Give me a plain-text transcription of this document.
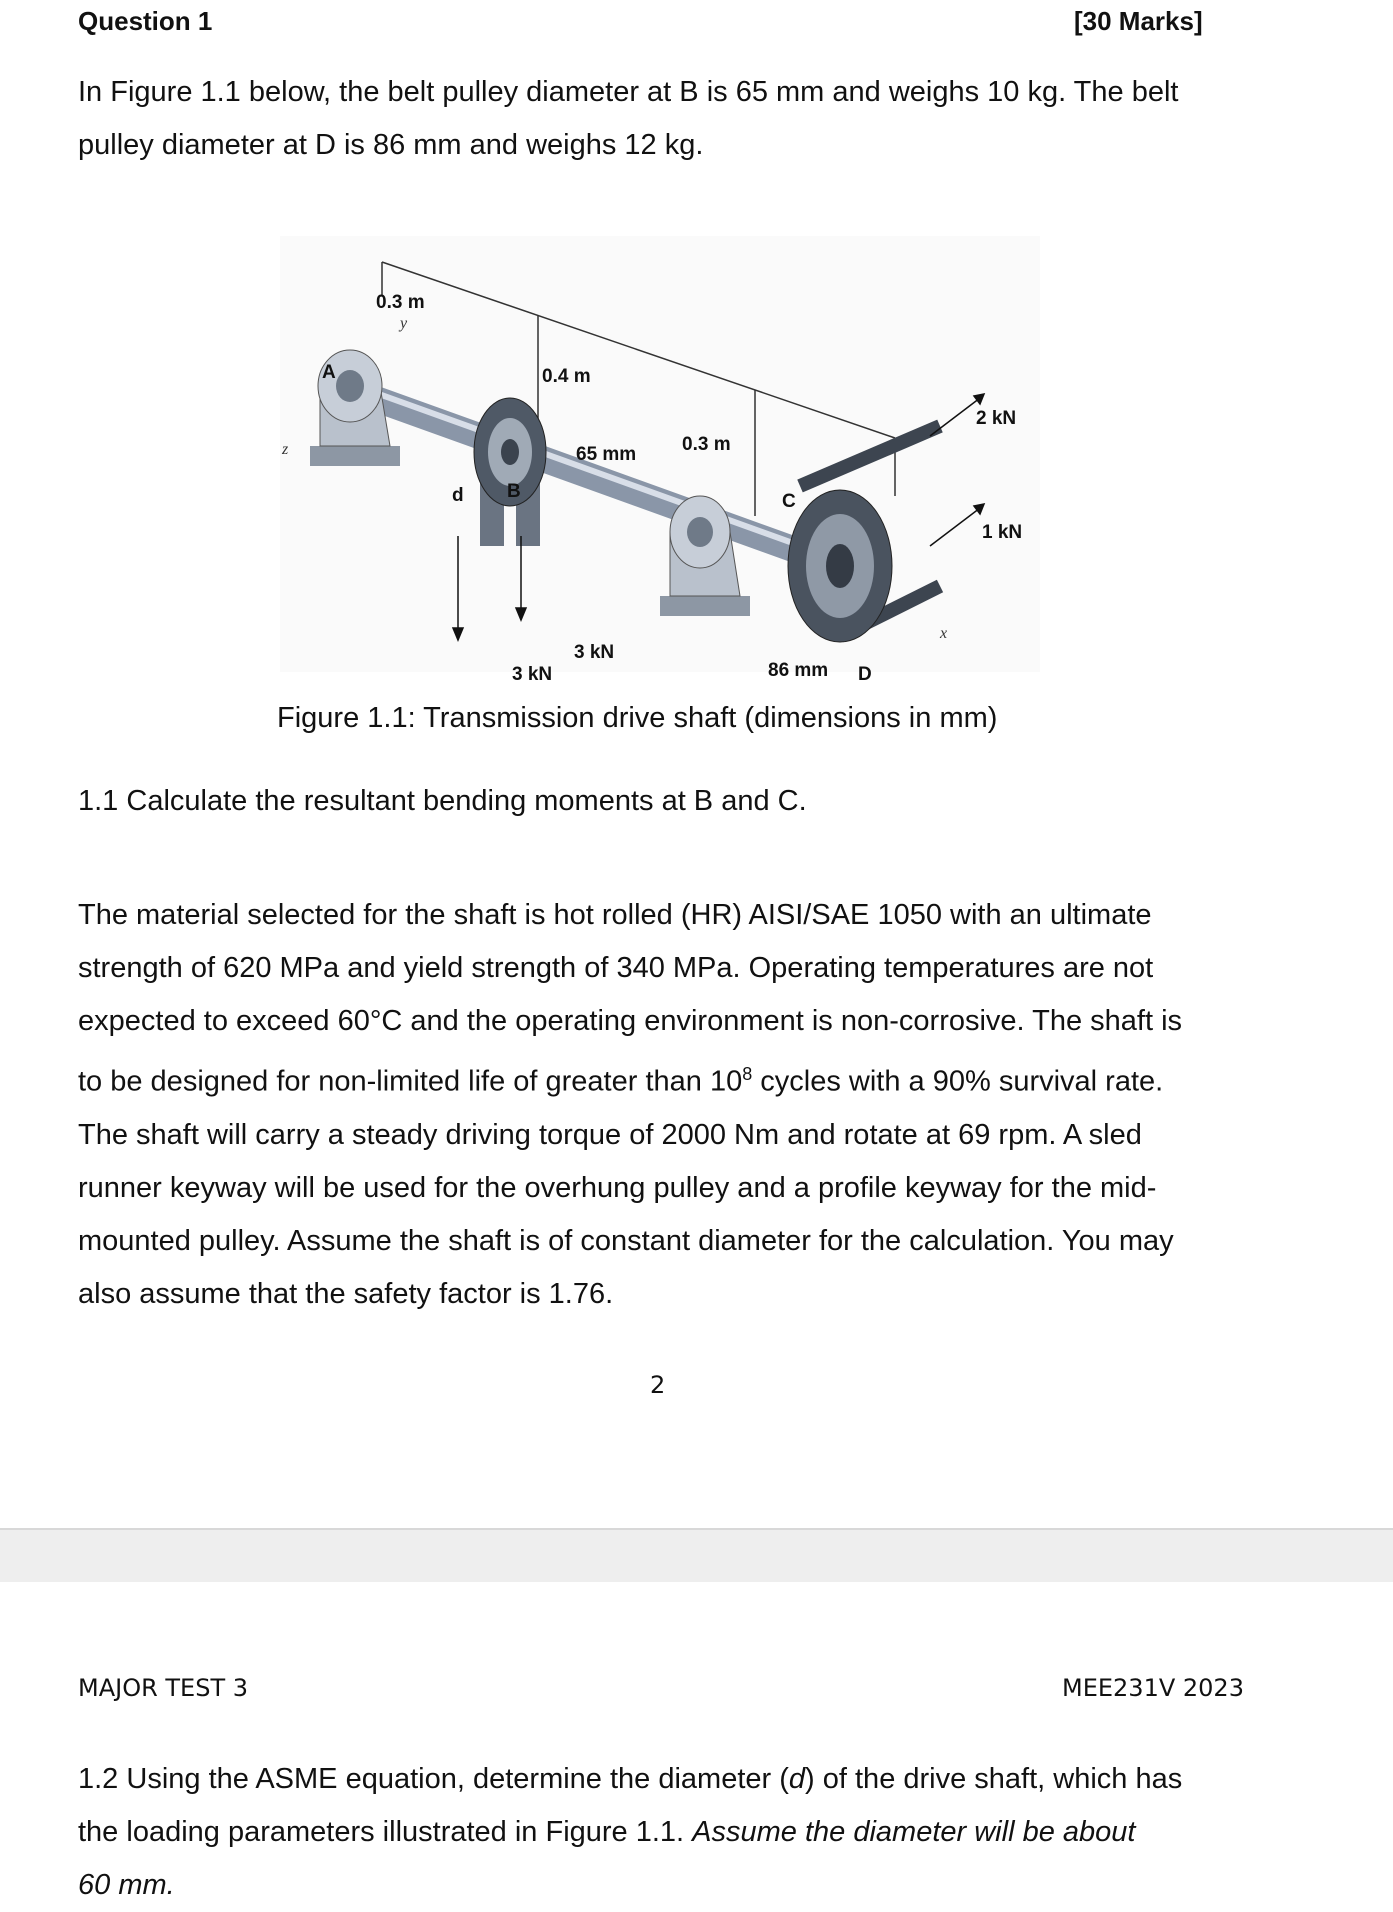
Question 1	[30 Marks]
In Figure 1.1 below, the belt pulley diameter at B is 65 mm and weighs 10 kg. The belt
pulley diameter at D is 86 mm and weighs 12 kg.
0.3 m
0.4 m
0.3 m
A
B	C
D
d
65 mm
86 mm
3 kN
3 kN
2 kN
1 kN
x
y
z
Figure 1.1: Transmission drive shaft (dimensions in mm)
1.1 Calculate the resultant bending moments at B and C.
The material selected for the shaft is hot rolled (HR) AISI/SAE 1050 with an ultimate
strength of 620 MPa and yield strength of 340 MPa. Operating temperatures are not
expected to exceed 60°C and the operating environment is non-corrosive. The shaft is
to be designed for non-limited life of greater than $10^8$ cycles with a 90% survival rate.
The shaft will carry a steady driving torque of 2000 Nm and rotate at 69 rpm. A sled
runner keyway will be used for the overhung pulley and a profile keyway for the mid-
mounted pulley. Assume the shaft is of constant diameter for the calculation. You may
also assume that the safety factor is 1.76.
2
MAJOR TEST 3	MEE231V 2023
1.2 Using the ASME equation, determine the diameter (d) of the drive shaft, which has
the loading parameters illustrated in Figure 1.1. Assume the diameter will be about
60 mm.
